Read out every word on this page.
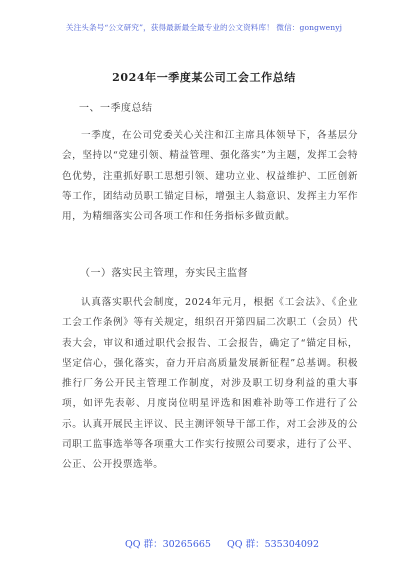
关注头条号“公文研究”，获得最新最全最专业的公文资料库！ 微信：gongwenyj
2024年一季度某公司工会工作总结
一、一季度总结

一季度，在公司党委关心关注和江主席具体领导下，各基层分会，坚持以“党建引领、精益管理、强化落实”为主题，发挥工会特色优势，注重抓好职工思想引领、建功立业、权益维护、工匠创新等工作，团结动员职工锚定目标，增强主人翁意识、发挥主力军作用，为精细落实公司各项工作和任务指标多做贡献。

（一）落实民主管理，夯实民主监督

认真落实职代会制度，2024年元月，根据《工会法》、《企业工会工作条例》等有关规定，组织召开第四届二次职工（会员）代表大会，审议和通过职代会报告、工会报告，确定了“锚定目标，坚定信心，强化落实，奋力开启高质量发展新征程”总基调。积极推行厂务公开民主管理工作制度，对涉及职工切身利益的重大事项，如评先表彰、月度岗位明星评选和困难补助等工作进行了公示。认真开展民主评议、民主测评领导干部工作，对工会涉及的公司职工监事选举等各项重大工作实行按照公司要求，进行了公平、公正、公开投票选举。

QQ 群：30265665 QQ 群：535304092
